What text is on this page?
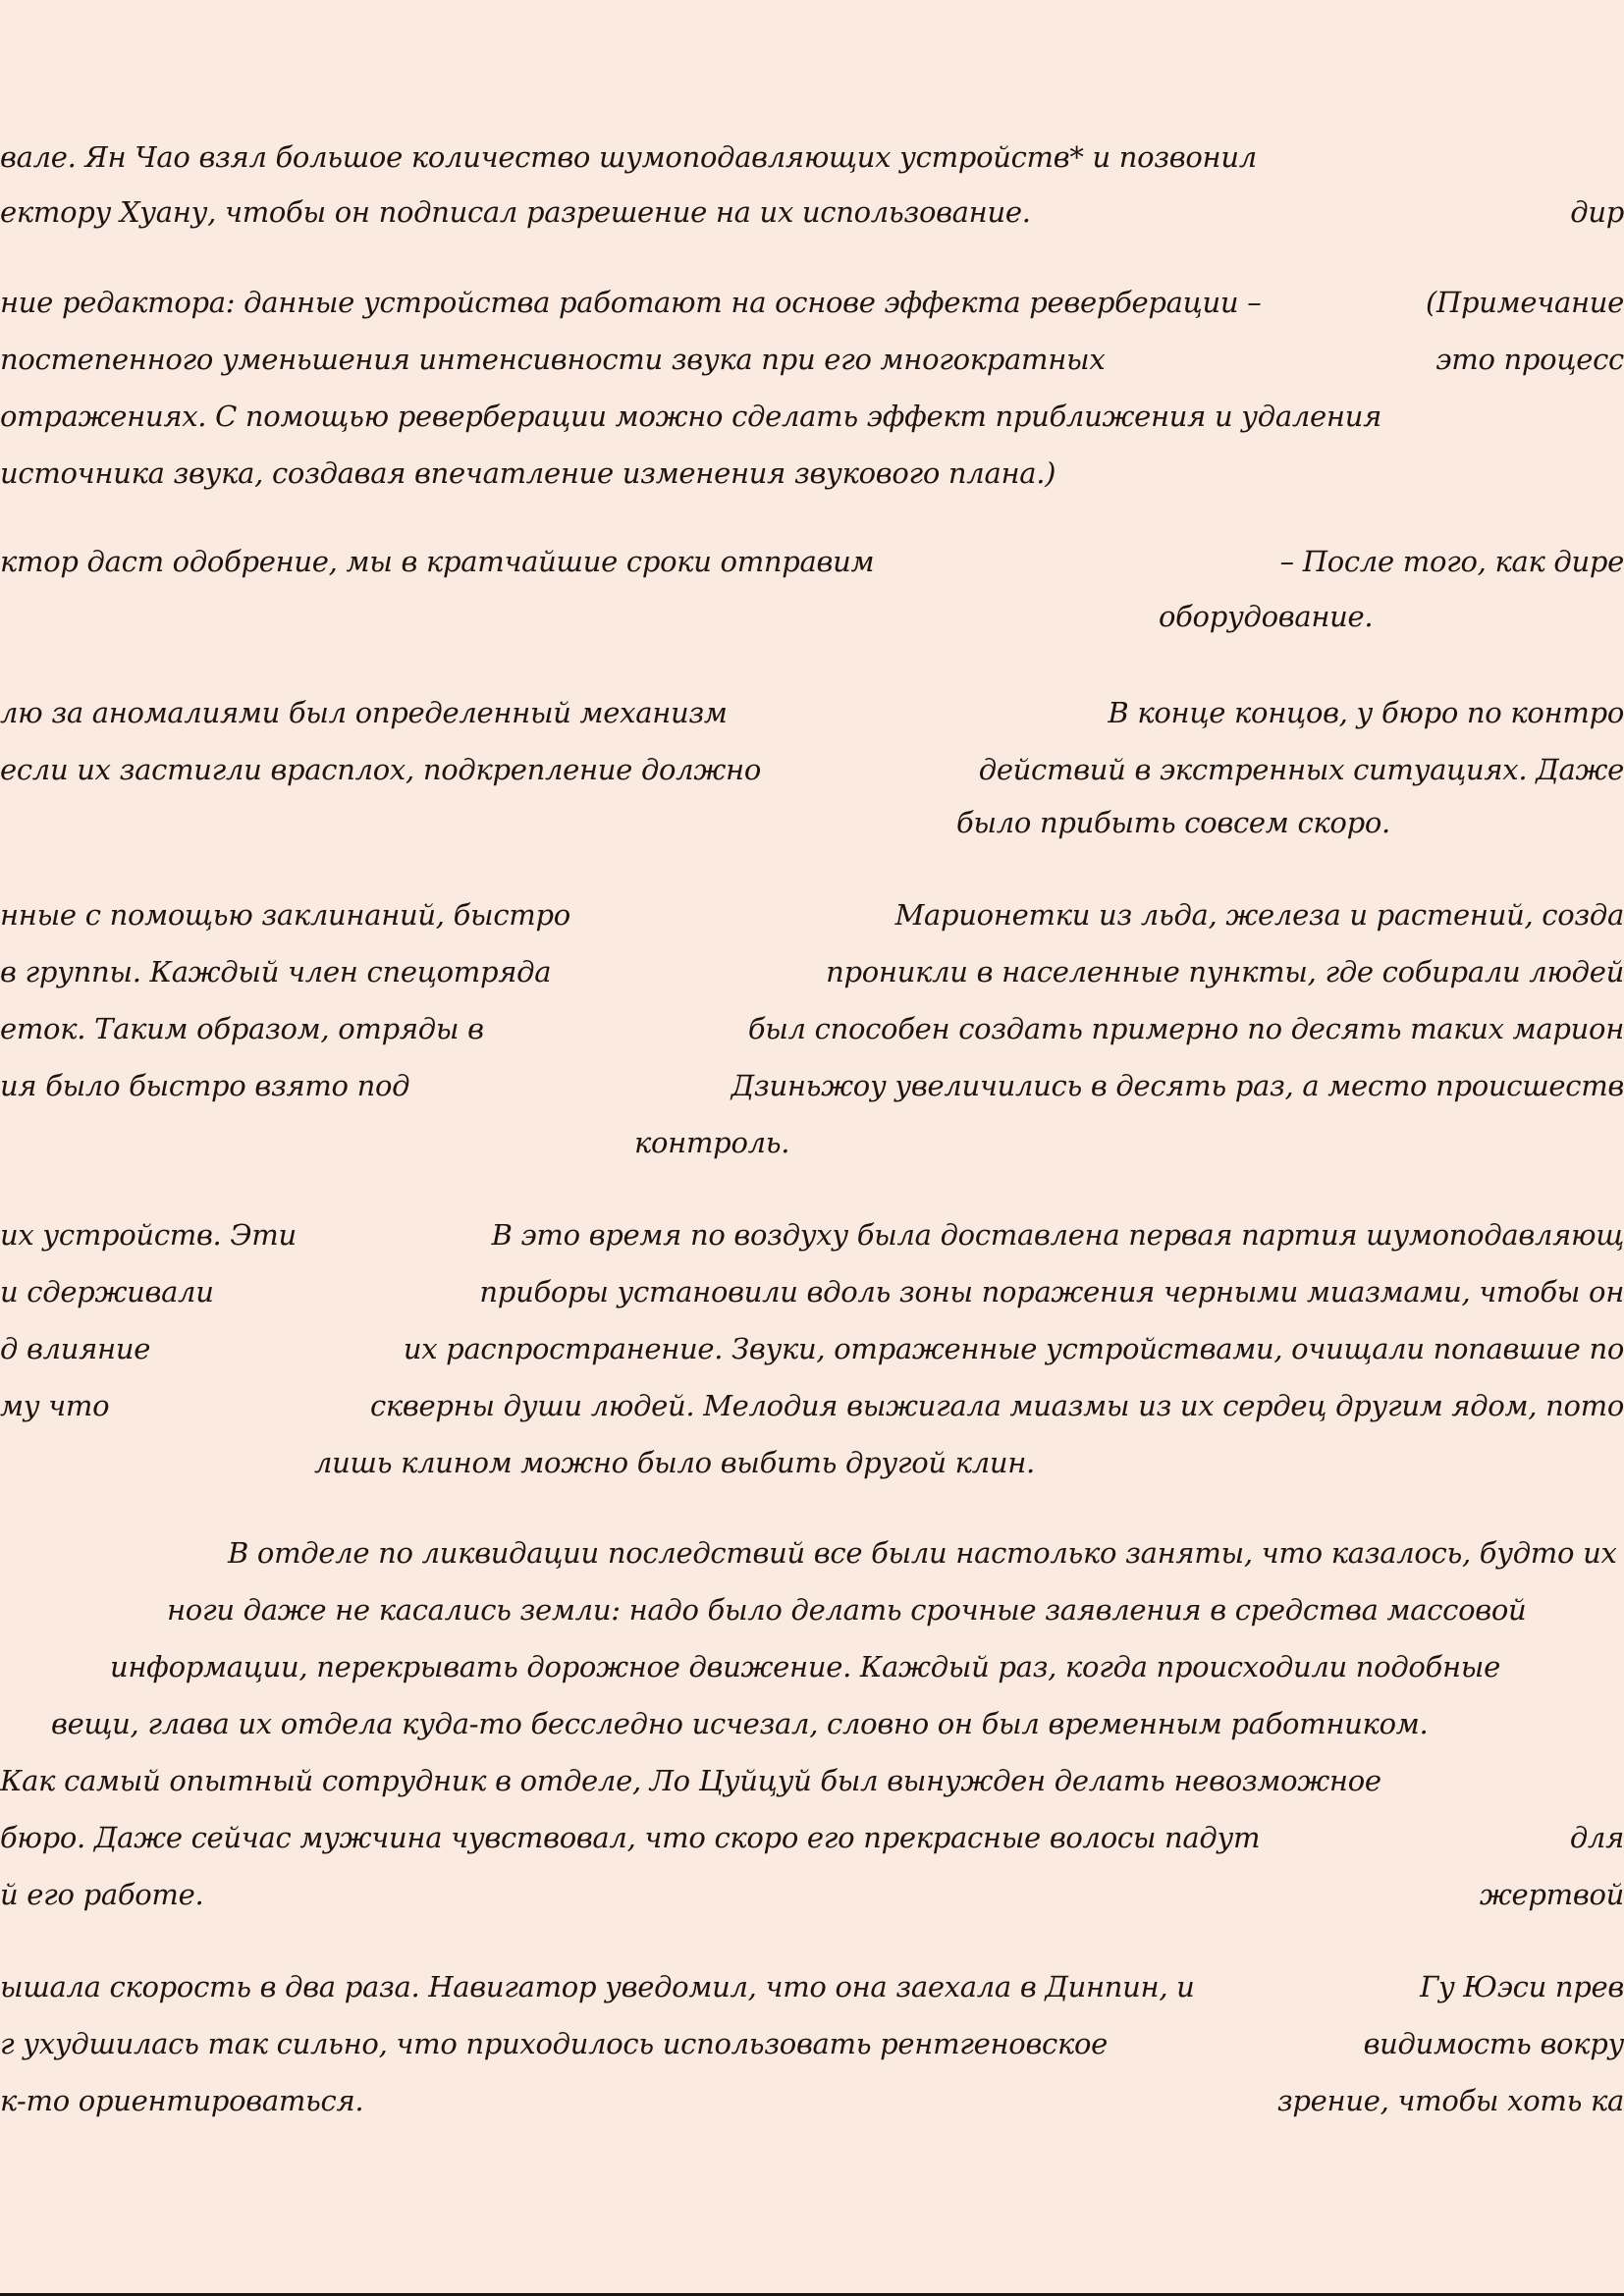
вале. Ян Чао взял большое количество шумоподавляющих устройств* и позвонил
дир
ектору Хуану, чтобы он подписал разрешение на их использование.
(Примечание
ние редактора: данные устройства работают на основе эффекта реверберации –
это процесс
постепенного уменьшения интенсивности звука при его многократных
отражениях. С помощью реверберации можно сделать эффект приближения и удаления
источника звука, создавая впечатление изменения звукового плана.)
– После того, как дире
ктор даст одобрение, мы в кратчайшие сроки отправим
оборудование.
В конце концов, у бюро по контро
лю за аномалиями был определенный механизм
действий в экстренных ситуациях. Даже
если их застигли врасплох, подкрепление должно
было прибыть совсем скоро.
Марионетки из льда, железа и растений, созда
нные с помощью заклинаний, быстро
проникли в населенные пункты, где собирали людей
в группы. Каждый член спецотряда
был способен создать примерно по десять таких марион
еток. Таким образом, отряды в
Дзиньжоу увеличились в десять раз, а место происшеств
ия было быстро взято под
контроль.
В это время по воздуху была доставлена первая партия шумоподавляющ
их устройств. Эти
приборы установили вдоль зоны поражения черными миазмами, чтобы он
и сдерживали
их распространение. Звуки, отраженные устройствами, очищали попавшие по
д влияние
скверны души людей. Мелодия выжигала миазмы из их сердец другим ядом, пото
му что
лишь клином можно было выбить другой клин.
В отделе по ликвидации последствий все были настолько заняты, что казалось, будто их
ноги даже не касались земли: надо было делать срочные заявления в средства массовой
информации, перекрывать дорожное движение. Каждый раз, когда происходили подобные
вещи, глава их отдела куда-то бесследно исчезал, словно он был временным работником.
Как самый опытный сотрудник в отделе, Ло Цуйцуй был вынужден делать невозможное
для
бюро. Даже сейчас мужчина чувствовал, что скоро его прекрасные волосы падут
жертвой
й его работе.
Гу Юэси прев
ышала скорость в два раза. Навигатор уведомил, что она заехала в Динпин, и
видимость вокру
г ухудшилась так сильно, что приходилось использовать рентгеновское
зрение, чтобы хоть ка
к-то ориентироваться.
